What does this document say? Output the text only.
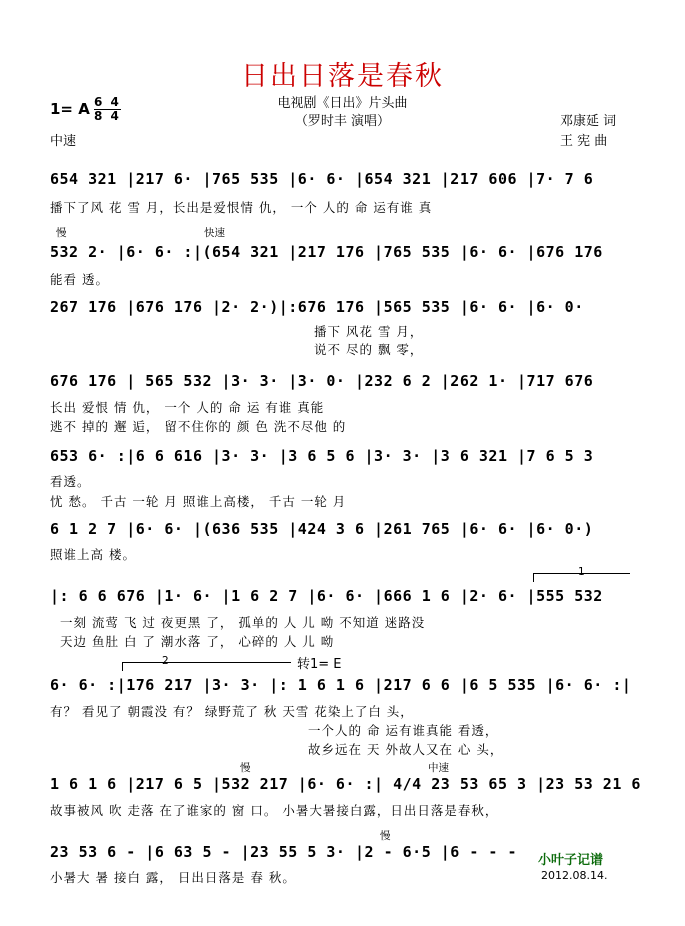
日出日落是春秋
电视剧《日出》片头曲
（罗时丰 演唱）
1= A 6 4
8 4
中速
邓康延 词
王 宪 曲
654 321 |217 6· |765 535 |6· 6· |654 321 |217 606 |7· 7 6
播下了风 花 雪 月，长出是爱恨情 仇， 一个 人的 命 运有谁 真
慢	快速
532 2· |6· 6· :|(654 321 |217 176 |765 535 |6· 6· |676 176
能看 透。
267 176 |676 176 |2· 2·)|:676 176 |565 535 |6· 6· |6· 0·
播下 风花 雪 月，
说不 尽的 飘 零，
676 176 | 565 532 |3· 3· |3· 0· |232 6 2 |262 1· |717 676
长出 爱恨 情 仇， 一个 人的 命 运 有谁 真能
逃不 掉的 邂 逅， 留不住你的 颜 色 洗不尽他 的
653 6· :|6 6 616 |3· 3· |3 6 5 6 |3· 3· |3 6 321 |7 6 5 3
看透。
忧 愁。 千古 一轮 月 照谁上高楼， 千古 一轮 月
6 1 2 7 |6· 6· |(636 535 |424 3 6 |261 765 |6· 6· |6· 0·)
照谁上高 楼。
1
|: 6 6 676 |1· 6· |1 6 2 7 |6· 6· |666 1 6 |2· 6· |555 532
一刻 流莺 飞 过 夜更黑 了， 孤单的 人 儿 呦 不知道 迷路没
天边 鱼肚 白 了 潮水落 了， 心碎的 人 儿 呦
2	转1= E
6· 6· :|176 217 |3· 3· |: 1 6 1 6 |217 6 6 |6 5 535 |6· 6· :|
有？ 看见了 朝霞没 有？ 绿野荒了 秋 天雪 花染上了白 头，
一个人的 命 运有谁真能 看透，
故乡远在 天 外故人又在 心 头，
慢	中速
1 6 1 6 |217 6 5 |532 217 |6· 6· :| 4/4 23 53 65 3 |23 53 21 6
故事被风 吹 走落 在了谁家的 窗 口。 小暑大暑接白露，日出日落是春秋，
慢
23 53 6 - |6 63 5 - |23 55 5 3· |2 - 6·5 |6 - - -
小暑大 暑 接白 露， 日出日落是 春 秋。
小叶子记谱
2012.08.14.
